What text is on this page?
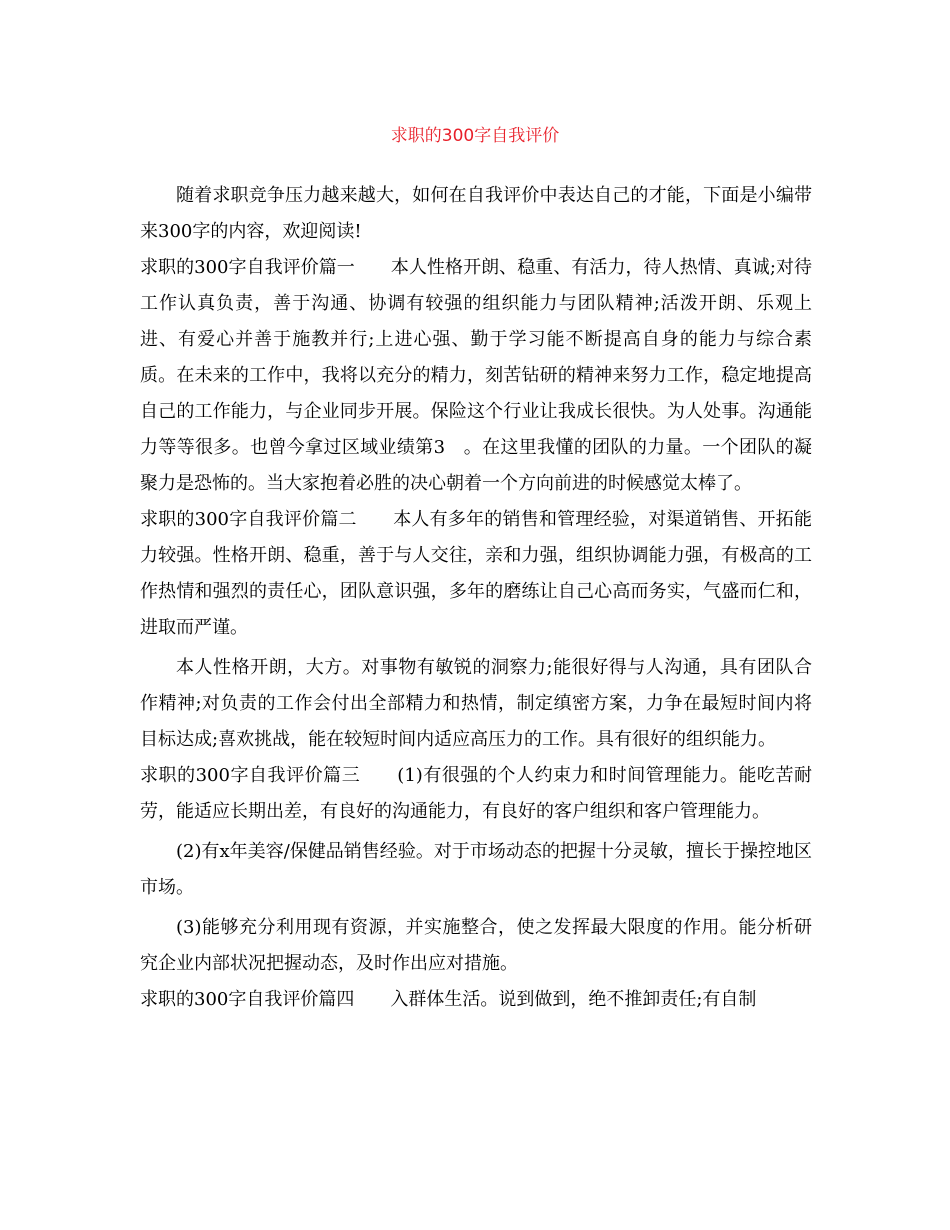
求职的300字自我评价

随着求职竞争压力越来越大，如何在自我评价中表达自己的才能，下面是小编带来300字的内容，欢迎阅读!

求职的300字自我评价篇一　　本人性格开朗、稳重、有活力，待人热情、真诚;对待工作认真负责，善于沟通、协调有较强的组织能力与团队精神;活泼开朗、乐观上进、有爱心并善于施教并行;上进心强、勤于学习能不断提高自身的能力与综合素质。在未来的工作中，我将以充分的精力，刻苦钻研的精神来努力工作，稳定地提高自己的工作能力，与企业同步开展。保险这个行业让我成长很快。为人处事。沟通能力等等很多。也曾今拿过区域业绩第3　。在这里我懂的团队的力量。一个团队的凝聚力是恐怖的。当大家抱着必胜的决心朝着一个方向前进的时候感觉太棒了。

求职的300字自我评价篇二　　本人有多年的销售和管理经验，对渠道销售、开拓能力较强。性格开朗、稳重，善于与人交往，亲和力强，组织协调能力强，有极高的工作热情和强烈的责任心，团队意识强，多年的磨练让自己心高而务实，气盛而仁和，进取而严谨。

本人性格开朗，大方。对事物有敏锐的洞察力;能很好得与人沟通，具有团队合作精神;对负责的工作会付出全部精力和热情，制定缜密方案，力争在最短时间内将目标达成;喜欢挑战，能在较短时间内适应高压力的工作。具有很好的组织能力。

求职的300字自我评价篇三　　(1)有很强的个人约束力和时间管理能力。能吃苦耐劳，能适应长期出差，有良好的沟通能力，有良好的客户组织和客户管理能力。

(2)有x年美容/保健品销售经验。对于市场动态的把握十分灵敏，擅长于操控地区市场。

(3)能够充分利用现有资源，并实施整合，使之发挥最大限度的作用。能分析研究企业内部状况把握动态，及时作出应对措施。

求职的300字自我评价篇四　　入群体生活。说到做到，绝不推卸责任;有自制
